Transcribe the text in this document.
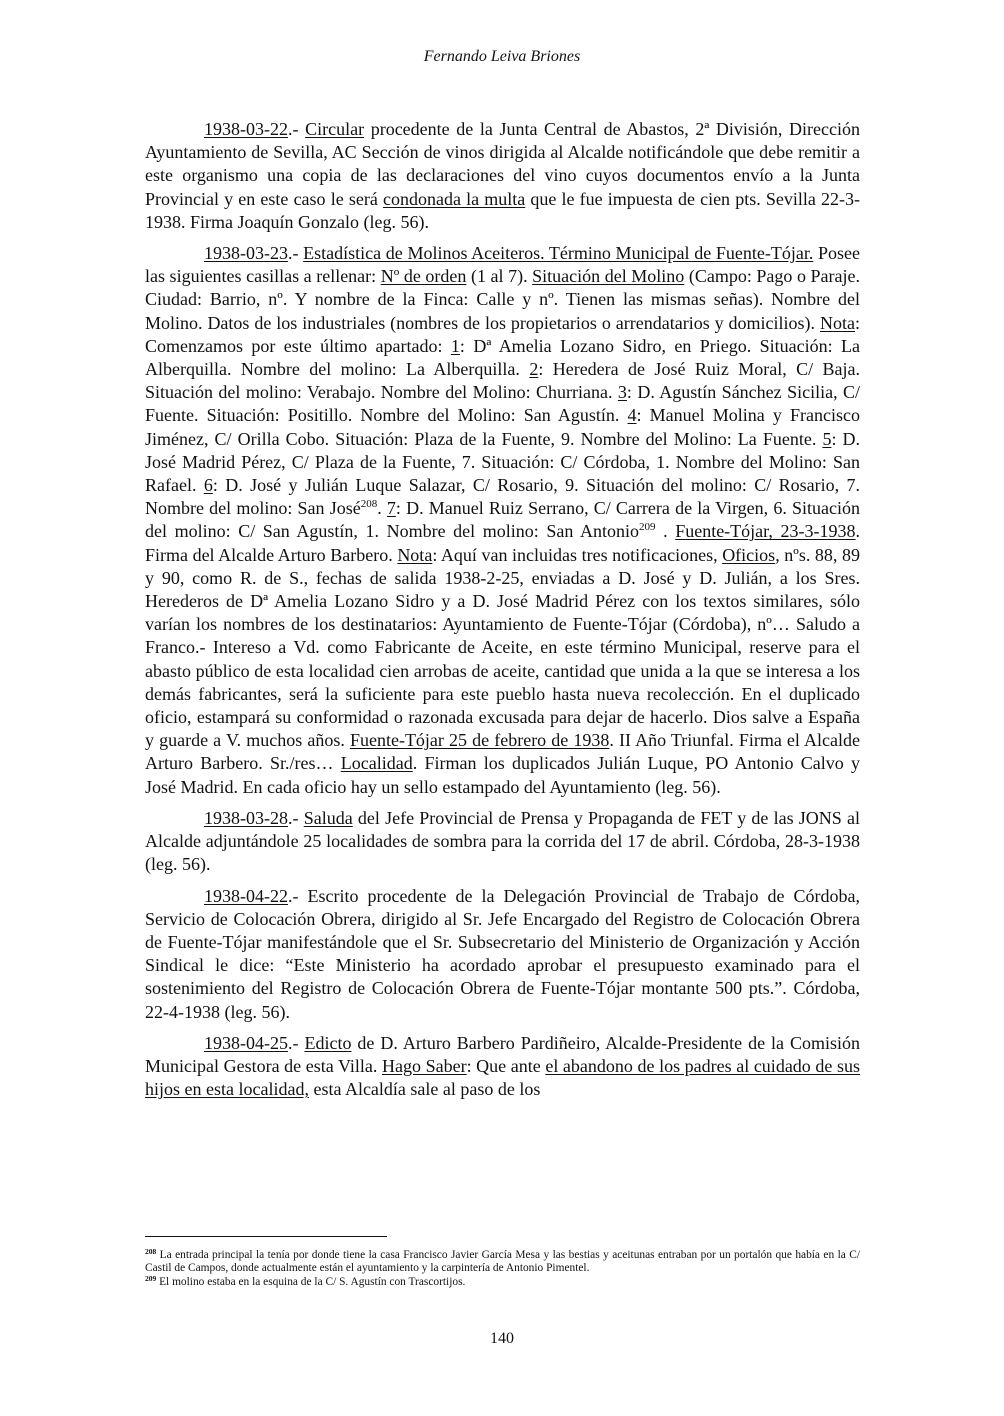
Fernando Leiva Briones

1938-03-22.- Circular procedente de la Junta Central de Abastos, 2ª División, Dirección Ayuntamiento de Sevilla, AC Sección de vinos dirigida al Alcalde notificándole que debe remitir a este organismo una copia de las declaraciones del vino cuyos documentos envío a la Junta Provincial y en este caso le será condonada la multa que le fue impuesta de cien pts. Sevilla 22-3-1938. Firma Joaquín Gonzalo (leg. 56).

1938-03-23.- Estadística de Molinos Aceiteros. Término Municipal de Fuente-Tójar. Posee las siguientes casillas a rellenar: Nº de orden (1 al 7). Situación del Molino (Campo: Pago o Paraje. Ciudad: Barrio, nº. Y nombre de la Finca: Calle y nº. Tienen las mismas señas). Nombre del Molino. Datos de los industriales (nombres de los propietarios o arrendatarios y domicilios). Nota: Comenzamos por este último apartado: 1: Dª Amelia Lozano Sidro, en Priego. Situación: La Alberquilla. Nombre del molino: La Alberquilla. 2: Heredera de José Ruiz Moral, C/ Baja. Situación del molino: Verabajo. Nombre del Molino: Churriana. 3: D. Agustín Sánchez Sicilia, C/ Fuente. Situación: Positillo. Nombre del Molino: San Agustín. 4: Manuel Molina y Francisco Jiménez, C/ Orilla Cobo. Situación: Plaza de la Fuente, 9. Nombre del Molino: La Fuente. 5: D. José Madrid Pérez, C/ Plaza de la Fuente, 7. Situación: C/ Córdoba, 1. Nombre del Molino: San Rafael. 6: D. José y Julián Luque Salazar, C/ Rosario, 9. Situación del molino: C/ Rosario, 7. Nombre del molino: San José$^{208}$. 7: D. Manuel Ruiz Serrano, C/ Carrera de la Virgen, 6. Situación del molino: C/ San Agustín, 1. Nombre del molino: San Antonio$^{209}$ . Fuente-Tójar, 23-3-1938. Firma del Alcalde Arturo Barbero. Nota: Aquí van incluidas tres notificaciones, Oficios, nºs. 88, 89 y 90, como R. de S., fechas de salida 1938-2-25, enviadas a D. José y D. Julián, a los Sres. Herederos de Dª Amelia Lozano Sidro y a D. José Madrid Pérez con los textos similares, sólo varían los nombres de los destinatarios: Ayuntamiento de Fuente-Tójar (Córdoba), nº… Saludo a Franco.- Intereso a Vd. como Fabricante de Aceite, en este término Municipal, reserve para el abasto público de esta localidad cien arrobas de aceite, cantidad que unida a la que se interesa a los demás fabricantes, será la suficiente para este pueblo hasta nueva recolección. En el duplicado oficio, estampará su conformidad o razonada excusada para dejar de hacerlo. Dios salve a España y guarde a V. muchos años. Fuente-Tójar 25 de febrero de 1938. II Año Triunfal. Firma el Alcalde Arturo Barbero. Sr./res… Localidad. Firman los duplicados Julián Luque, PO Antonio Calvo y José Madrid. En cada oficio hay un sello estampado del Ayuntamiento (leg. 56).

1938-03-28.- Saluda del Jefe Provincial de Prensa y Propaganda de FET y de las JONS al Alcalde adjuntándole 25 localidades de sombra para la corrida del 17 de abril. Córdoba, 28-3-1938 (leg. 56).

1938-04-22.- Escrito procedente de la Delegación Provincial de Trabajo de Córdoba, Servicio de Colocación Obrera, dirigido al Sr. Jefe Encargado del Registro de Colocación Obrera de Fuente-Tójar manifestándole que el Sr. Subsecretario del Ministerio de Organización y Acción Sindical le dice: “Este Ministerio ha acordado aprobar el presupuesto examinado para el sostenimiento del Registro de Colocación Obrera de Fuente-Tójar montante 500 pts.”. Córdoba, 22-4-1938 (leg. 56).

1938-04-25.- Edicto de D. Arturo Barbero Pardiñeiro, Alcalde-Presidente de la Comisión Municipal Gestora de esta Villa. Hago Saber: Que ante el abandono de los padres al cuidado de sus hijos en esta localidad, esta Alcaldía sale al paso de los

$^{208}$ La entrada principal la tenía por donde tiene la casa Francisco Javier García Mesa y las bestias y aceitunas entraban por un portalón que había en la C/ Castil de Campos, donde actualmente están el ayuntamiento y la carpintería de Antonio Pimentel.

$^{209}$ El molino estaba en la esquina de la C/ S. Agustín con Trascortijos.

140
